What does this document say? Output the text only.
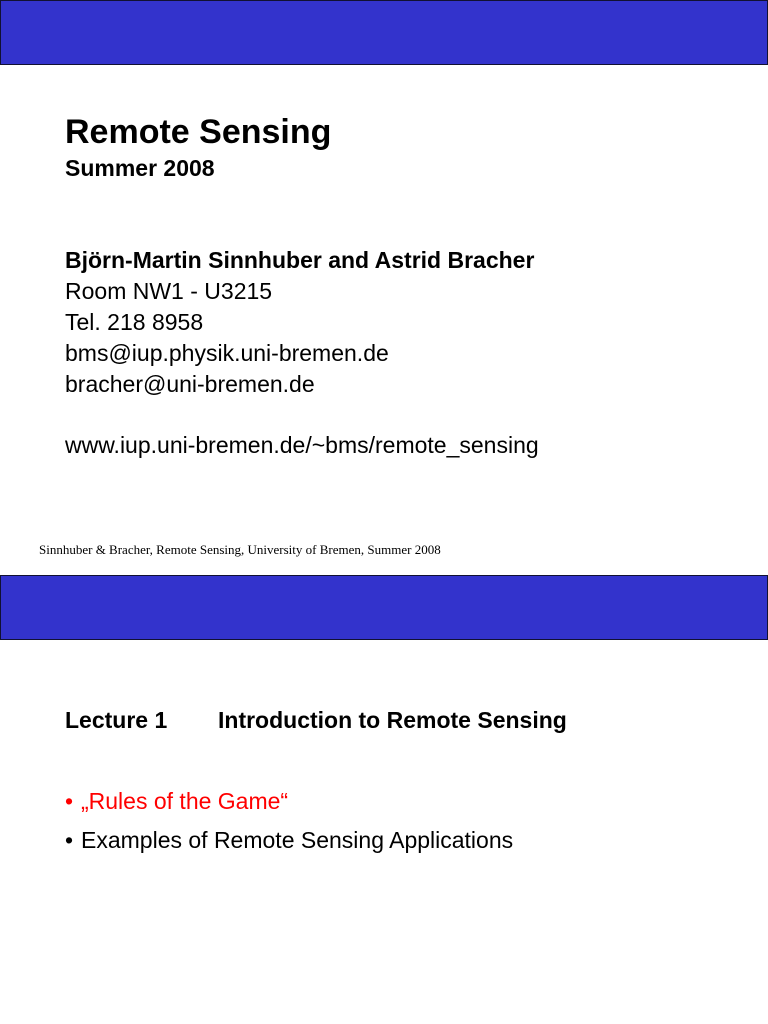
Remote Sensing
Summer 2008
Björn-Martin Sinnhuber and Astrid Bracher
Room NW1 - U3215
Tel. 218 8958
bms@iup.physik.uni-bremen.de
bracher@uni-bremen.de
www.iup.uni-bremen.de/~bms/remote_sensing
Sinnhuber & Bracher, Remote Sensing, University of Bremen, Summer 2008
Lecture 1 Introduction to Remote Sensing
• „Rules of the Game“
• Examples of Remote Sensing Applications
